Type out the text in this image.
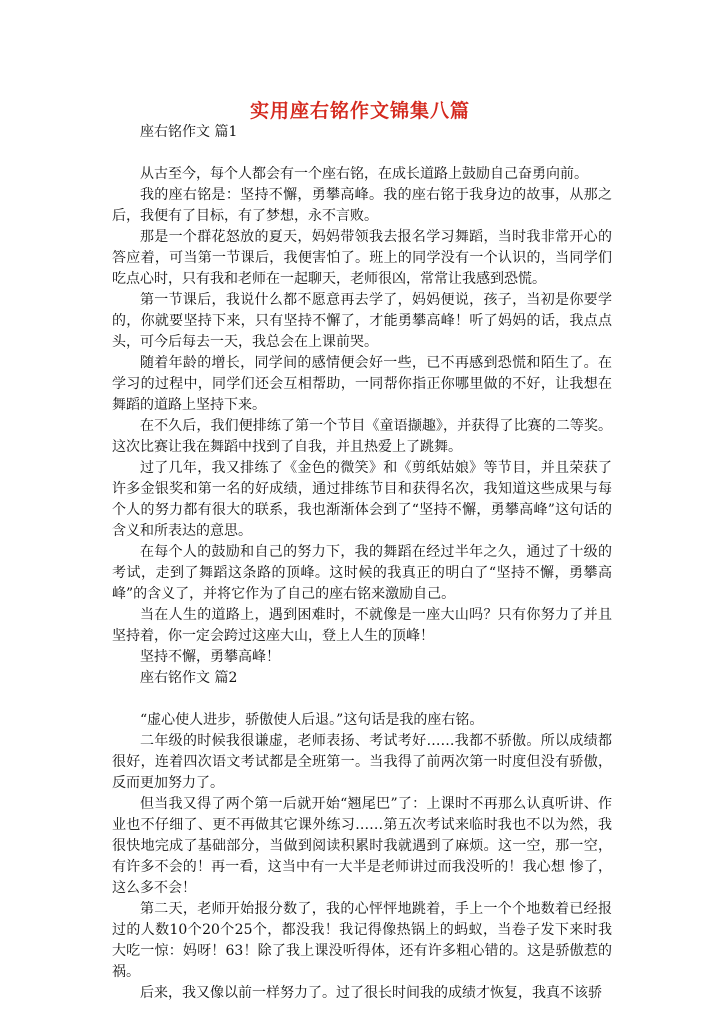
实用座右铭作文锦集八篇

座右铭作文 篇1

从古至今，每个人都会有一个座右铭，在成长道路上鼓励自己奋勇向前。

我的座右铭是：坚持不懈，勇攀高峰。我的座右铭于我身边的故事，从那之后，我便有了目标，有了梦想，永不言败。

那是一个群花怒放的夏天，妈妈带领我去报名学习舞蹈，当时我非常开心的答应着，可当第一节课后，我便害怕了。班上的同学没有一个认识的，当同学们吃点心时，只有我和老师在一起聊天，老师很凶，常常让我感到恐慌。

第一节课后，我说什么都不愿意再去学了，妈妈便说，孩子，当初是你要学的，你就要坚持下来，只有坚持不懈了，才能勇攀高峰！听了妈妈的话，我点点头，可今后每去一天，我总会在上课前哭。

随着年龄的增长，同学间的感情便会好一些，已不再感到恐慌和陌生了。在学习的过程中，同学们还会互相帮助，一同帮你指正你哪里做的不好，让我想在舞蹈的道路上坚持下来。

在不久后，我们便排练了第一个节目《童语撷趣》，并获得了比赛的二等奖。这次比赛让我在舞蹈中找到了自我，并且热爱上了跳舞。

过了几年，我又排练了《金色的微笑》和《剪纸姑娘》等节目，并且荣获了许多金银奖和第一名的好成绩，通过排练节目和获得名次，我知道这些成果与每个人的努力都有很大的联系，我也渐渐体会到了“坚持不懈，勇攀高峰”这句话的含义和所表达的意思。

在每个人的鼓励和自己的努力下，我的舞蹈在经过半年之久，通过了十级的考试，走到了舞蹈这条路的顶峰。这时候的我真正的明白了“坚持不懈，勇攀高峰”的含义了，并将它作为了自己的座右铭来激励自己。

当在人生的道路上，遇到困难时，不就像是一座大山吗？只有你努力了并且坚持着，你一定会跨过这座大山，登上人生的顶峰！

坚持不懈，勇攀高峰！

座右铭作文 篇2

“虚心使人进步，骄傲使人后退。”这句话是我的座右铭。

二年级的时候我很谦虚，老师表扬、考试考好……我都不骄傲。所以成绩都很好，连着四次语文考试都是全班第一。当我得了前两次第一时度但没有骄傲，反而更加努力了。

但当我又得了两个第一后就开始“翘尾巴”了：上课时不再那么认真听讲、作业也不仔细了、更不再做其它课外练习……第五次考试来临时我也不以为然，我很快地完成了基础部分，当做到阅读积累时我就遇到了麻烦。这一空，那一空，有许多不会的！再一看，这当中有一大半是老师讲过而我没听的！我心想 惨了，这么多不会！

第二天，老师开始报分数了，我的心怦怦地跳着，手上一个个地数着已经报过的人数10个20个25个，都没我！我记得像热锅上的蚂蚁，当卷子发下来时我大吃一惊：妈呀！63！除了我上课没听得体，还有许多粗心错的。这是骄傲惹的祸。

后来，我又像以前一样努力了。过了很长时间我的成绩才恢复，我真不该骄
